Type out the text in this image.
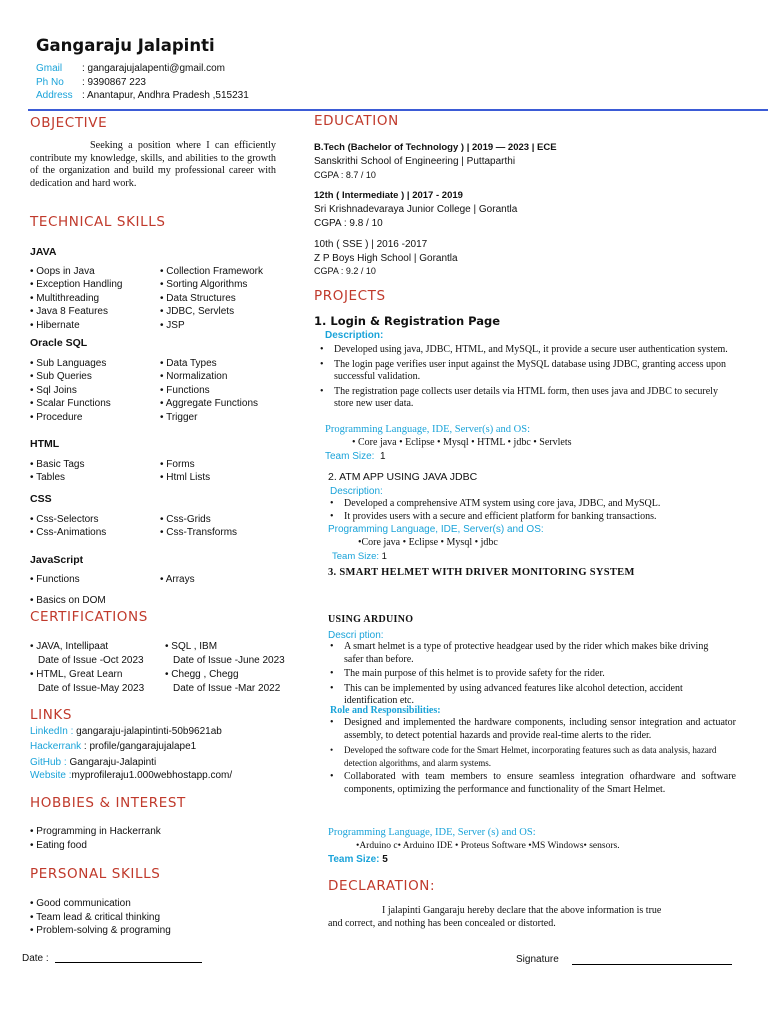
Gangaraju Jalapinti
Gmail : gangarajujalapenti@gmail.com
Ph No : 9390867 223
Address : Anantapur, Andhra Pradesh ,515231
OBJECTIVE
Seeking a position where I can efficiently contribute my knowledge, skills, and abilities to the growth of the organization and build my professional career with dedication and hard work.
TECHNICAL SKILLS
JAVA
• Oops in Java
• Exception Handling
• Multithreading
• Java 8 Features
• Hibernate
• Collection Framework
• Sorting Algorithms
• Data Structures
• JDBC, Servlets
• JSP
Oracle SQL
• Sub Languages
• Sub Queries
• Sql Joins
• Scalar Functions
• Procedure
• Data Types
• Normalization
• Functions
• Aggregate Functions
• Trigger
HTML
• Basic Tags
• Tables
• Forms
• Html Lists
CSS
• Css-Selectors
• Css-Animations
• Css-Grids
• Css-Transforms
JavaScript
• Functions	• Arrays
• Basics on DOM
CERTIFICATIONS
• JAVA, Intellipaat
Date of Issue -Oct 2023
• SQL , IBM
Date of Issue -June 2023
• HTML, Great Learn
Date of Issue-May 2023
• Chegg , Chegg
Date of Issue -Mar 2022
LINKS
LinkedIn : gangaraju-jalapintinti-50b9621ab
Hackerrank : profile/gangarajujalape1
GitHub : Gangaraju-Jalapinti
Website :myprofileraju1.000webhostapp.com/
HOBBIES & INTEREST
• Programming in Hackerrank
• Eating food
PERSONAL SKILLS
• Good communication
• Team lead & critical thinking
• Problem-solving & programing
EDUCATION
B.Tech (Bachelor of Technology ) | 2019 — 2023 | ECE
Sanskrithi School of Engineering | Puttaparthi
CGPA : 8.7 / 10
12th ( Intermediate ) | 2017 - 2019
Sri Krishnadevaraya Junior College | Gorantla
CGPA : 9.8 / 10
10th ( SSE ) | 2016 -2017
Z P Boys High School | Gorantla
CGPA : 9.2 / 10
PROJECTS
1. Login & Registration Page
Description:
• Developed using java, JDBC, HTML, and MySQL, it provide a secure user authentication system.
• The login page verifies user input against the MySQL database using JDBC, granting access upon successful validation.
• The registration page collects user details via HTML form, then uses java and JDBC to securely store new user data.
Programming Language, IDE, Server(s) and OS:
• Core java • Eclipse • Mysql • HTML • jdbc • Servlets
Team Size: 1
2. ATM APP USING JAVA JDBC
Description:
• Developed a comprehensive ATM system using core java, JDBC, and MySQL.
• It provides users with a secure and efficient platform for banking transactions.
Programming Language, IDE, Server(s) and OS:
•Core java • Eclipse • Mysql • jdbc
Team Size: 1
3. SMART HELMET WITH DRIVER MONITORING SYSTEM
USING ARDUINO
Descri ption:
• A smart helmet is a type of protective headgear used by the rider which makes bike driving safer than before.
• The main purpose of this helmet is to provide safety for the rider.
• This can be implemented by using advanced features like alcohol detection, accident identification etc.
Role and Responsibilities:
• Designed and implemented the hardware components, including sensor integration and actuator assembly, to detect potential hazards and provide real-time alerts to the rider.
• Developed the software code for the Smart Helmet, incorporating features such as data analysis, hazard detection algorithms, and alarm systems.
• Collaborated with team members to ensure seamless integration ofhardware and software components, optimizing the performance and functionality of the Smart Helmet.
Programming Language, IDE, Server (s) and OS:
•Arduino c• Arduino IDE • Proteus Software •MS Windows• sensors.
Team Size: 5
DECLARATION:
I jalapinti Gangaraju hereby declare that the above information is true
and correct, and nothing has been concealed or distorted.
Date :	Signature
